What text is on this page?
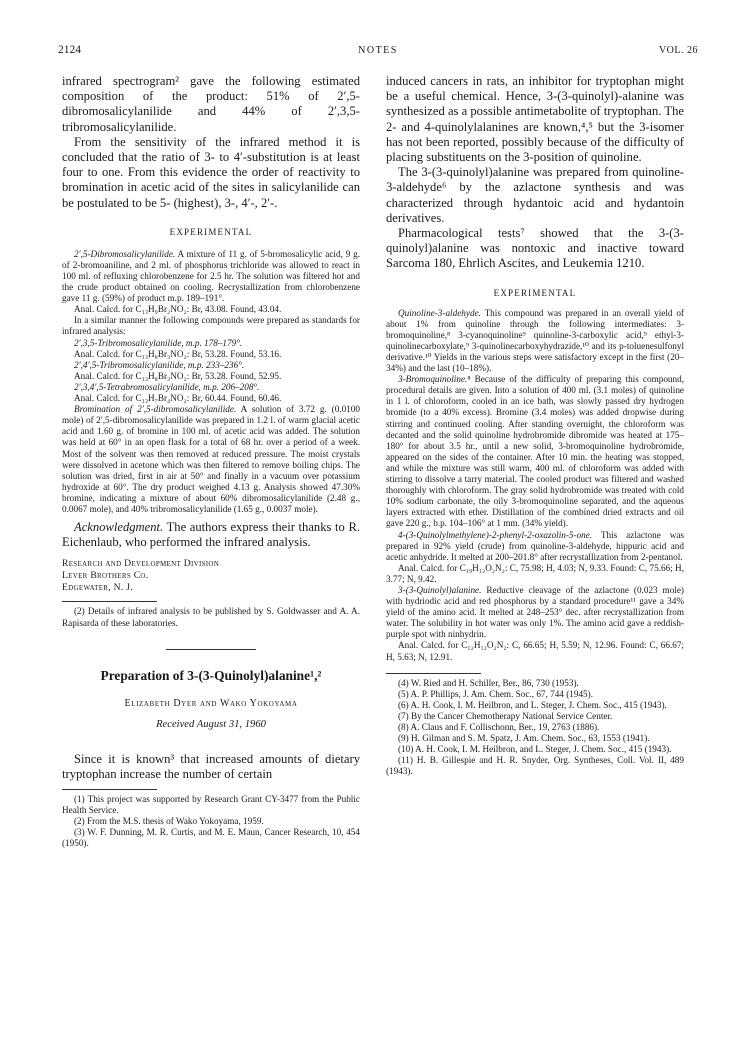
2124	NOTES	VOL. 26

infrared spectrogram² gave the following estimated composition of the product: 51% of 2′,5-dibromosalicylanilide and 44% of 2′,3,5-tribromosalicylanilide.

From the sensitivity of the infrared method it is concluded that the ratio of 3- to 4′-substitution is at least four to one. From this evidence the order of reactivity to bromination in acetic acid of the sites in salicylanilide can be postulated to be 5- (highest), 3-, 4′-, 2′-.

EXPERIMENTAL

2′,5-Dibromosalicylanilide. A mixture of 11 g. of 5-bromosalicylic acid, 9 g. of 2-bromoaniline, and 2 ml. of phosphorus trichloride was allowed to react in 100 ml. of refluxing chlorobenzene for 2.5 hr. The solution was filtered hot and the crude product obtained on cooling. Recrystallization from chlorobenzene gave 11 g. (59%) of product m.p. 189–191°.

Anal. Calcd. for C₁₃H₉Br₂NO₂: Br, 43.08. Found, 43.04.

In a similar manner the following compounds were prepared as standards for infrared analysis:

2′,3,5-Tribromosalicylanilide, m.p. 178–179°.

Anal. Calcd. for C₁₃H₈Br₃NO₂: Br, 53.28. Found, 53.16.

2′,4′,5-Tribromosalicylanilide, m.p. 233–236°.

Anal. Calcd. for C₁₃H₈Br₃NO₂: Br, 53.28. Found, 52.95.

2′,3,4′,5-Tetrabromosalicylanilide, m.p. 206–208°.

Anal. Calcd. for C₁₃H₇Br₄NO₂: Br, 60.44. Found, 60.46.

Bromination of 2′,5-dibromosalicylanilide. A solution of 3.72 g. (0.0100 mole) of 2′,5-dibromosalicylanilide was prepared in 1.2 l. of warm glacial acetic acid and 1.60 g. of bromine in 100 ml. of acetic acid was added. The solution was held at 60° in an open flask for a total of 68 hr. over a period of a week. Most of the solvent was then removed at reduced pressure. The moist crystals were dissolved in acetone which was then filtered to remove boiling chips. The solution was dried, first in air at 50° and finally in a vacuum over potassium hydroxide at 60°. The dry product weighed 4.13 g. Analysis showed 47.30% bromine, indicating a mixture of about 60% dibromosalicylanilide (2.48 g., 0.0067 mole), and 40% tribromosalicylanilide (1.65 g., 0.0037 mole).

Acknowledgment. The authors express their thanks to R. Eichenlaub, who performed the infrared analysis.

Research and Development Division
Lever Brothers Co.
Edgewater, N. J.

(2) Details of infrared analysis to be published by S. Goldwasser and A. A. Rapisarda of these laboratories.

Preparation of 3-(3-Quinolyl)alanine¹,²
Elizabeth Dyer and Wako Yokoyama
Received August 31, 1960

Since it is known³ that increased amounts of dietary tryptophan increase the number of certain

(1) This project was supported by Research Grant CY-3477 from the Public Health Service.

(2) From the M.S. thesis of Wako Yokoyama, 1959.

(3) W. F. Dunning, M. R. Curtis, and M. E. Maun, Cancer Research, 10, 454 (1950).

induced cancers in rats, an inhibitor for tryptophan might be a useful chemical. Hence, 3-(3-quinolyl)-alanine was synthesized as a possible antimetabolite of tryptophan. The 2- and 4-quinolylalanines are known,⁴,⁵ but the 3-isomer has not been reported, possibly because of the difficulty of placing substituents on the 3-position of quinoline.

The 3-(3-quinolyl)alanine was prepared from quinoline-3-aldehyde⁶ by the azlactone synthesis and was characterized through hydantoic acid and hydantoin derivatives.

Pharmacological tests⁷ showed that the 3-(3-quinolyl)alanine was nontoxic and inactive toward Sarcoma 180, Ehrlich Ascites, and Leukemia 1210.

EXPERIMENTAL

Quinoline-3-aldehyde. This compound was prepared in an overall yield of about 1% from quinoline through the following intermediates: 3-bromoquinoline,⁸ 3-cyanoquinoline⁹ quinoline-3-carboxylic acid,⁹ ethyl-3-quinolinecarboxylate,⁹ 3-quinolinecarboxyhydrazide,¹⁰ and its p-toluenesulfonyl derivative.¹⁰ Yields in the various steps were satisfactory except in the first (20–34%) and the last (10–18%).

3-Bromoquinoline.⁸ Because of the difficulty of preparing this compound, procedural details are given. Into a solution of 400 ml. (3.1 moles) of quinoline in 1 l. of chloroform, cooled in an ice bath, was slowly passed dry hydrogen bromide (to a 40% excess). Bromine (3.4 moles) was added dropwise during stirring and continued cooling. After standing overnight, the chloroform was decanted and the solid quinoline hydrobromide dibromide was heated at 175–180° for about 3.5 hr., until a new solid, 3-bromoquinoline hydrobromide, appeared on the sides of the container. After 10 min. the heating was stopped, and while the mixture was still warm, 400 ml. of chloroform was added with stirring to dissolve a tarry material. The cooled product was filtered and washed thoroughly with chloroform. The gray solid hydrobromide was treated with cold 10% sodium carbonate, the oily 3-bromoquinoline separated, and the aqueous layers extracted with ether. Distillation of the combined dried extracts and oil gave 220 g., b.p. 104–106° at 1 mm. (34% yield).

4-(3-Quinolylmethylene)-2-phenyl-2-oxazolin-5-one. This azlactone was prepared in 92% yield (crude) from quinoline-3-aldehyde, hippuric acid and acetic anhydride. It melted at 200–201.8° after recrystallization from 2-pentanol.

Anal. Calcd. for C₁₉H₁₂O₂N₂: C, 75.98; H, 4.03; N, 9.33. Found: C, 75.66; H, 3.77; N, 9.42.

3-(3-Quinolyl)alanine. Reductive cleavage of the azlactone (0.023 mole) with hydriodic acid and red phosphorus by a standard procedure¹¹ gave a 34% yield of the amino acid. It melted at 248–253° dec. after recrystallization from water. The solubility in hot water was only 1%. The amino acid gave a reddish-purple spot with ninhydrin.

Anal. Calcd. for C₁₂H₁₂O₂N₂: C, 66.65; H, 5.59; N, 12.96. Found: C, 66.67; H, 5.63; N, 12.91.

(4) W. Ried and H. Schiller, Ber., 86, 730 (1953).

(5) A. P. Phillips, J. Am. Chem. Soc., 67, 744 (1945).

(6) A. H. Cook, I. M. Heilbron, and L. Steger, J. Chem. Soc., 415 (1943).

(7) By the Cancer Chemotherapy National Service Center.

(8) A. Claus and F. Collischonn, Ber., 19, 2763 (1886).

(9) H. Gilman and S. M. Spatz, J. Am. Chem. Soc., 63, 1553 (1941).

(10) A. H. Cook, I. M. Heilbron, and L. Steger, J. Chem. Soc., 415 (1943).

(11) H. B. Gillespie and H. R. Snyder, Org. Syntheses, Coll. Vol. II, 489 (1943).
